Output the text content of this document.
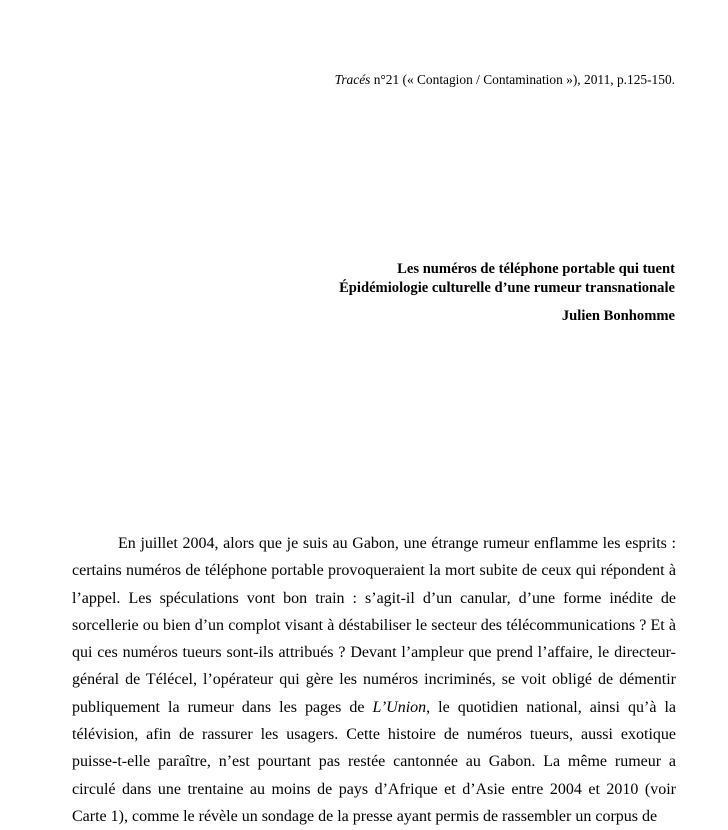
Tracés n°21 (« Contagion / Contamination »), 2011, p.125-150.
Les numéros de téléphone portable qui tuent
Épidémiologie culturelle d’une rumeur transnationale
Julien Bonhomme

En juillet 2004, alors que je suis au Gabon, une étrange rumeur enflamme les esprits : certains numéros de téléphone portable provoqueraient la mort subite de ceux qui répondent à l’appel. Les spéculations vont bon train : s’agit-il d’un canular, d’une forme inédite de sorcellerie ou bien d’un complot visant à déstabiliser le secteur des télécommunications ? Et à qui ces numéros tueurs sont-ils attribués ? Devant l’ampleur que prend l’affaire, le directeur-général de Télécel, l’opérateur qui gère les numéros incriminés, se voit obligé de démentir publiquement la rumeur dans les pages de L’Union, le quotidien national, ainsi qu’à la télévision, afin de rassurer les usagers. Cette histoire de numéros tueurs, aussi exotique puisse-t-elle paraître, n’est pourtant pas restée cantonnée au Gabon. La même rumeur a circulé dans une trentaine au moins de pays d’Afrique et d’Asie entre 2004 et 2010 (voir Carte 1), comme le révèle un sondage de la presse ayant permis de rassembler un corpus de
